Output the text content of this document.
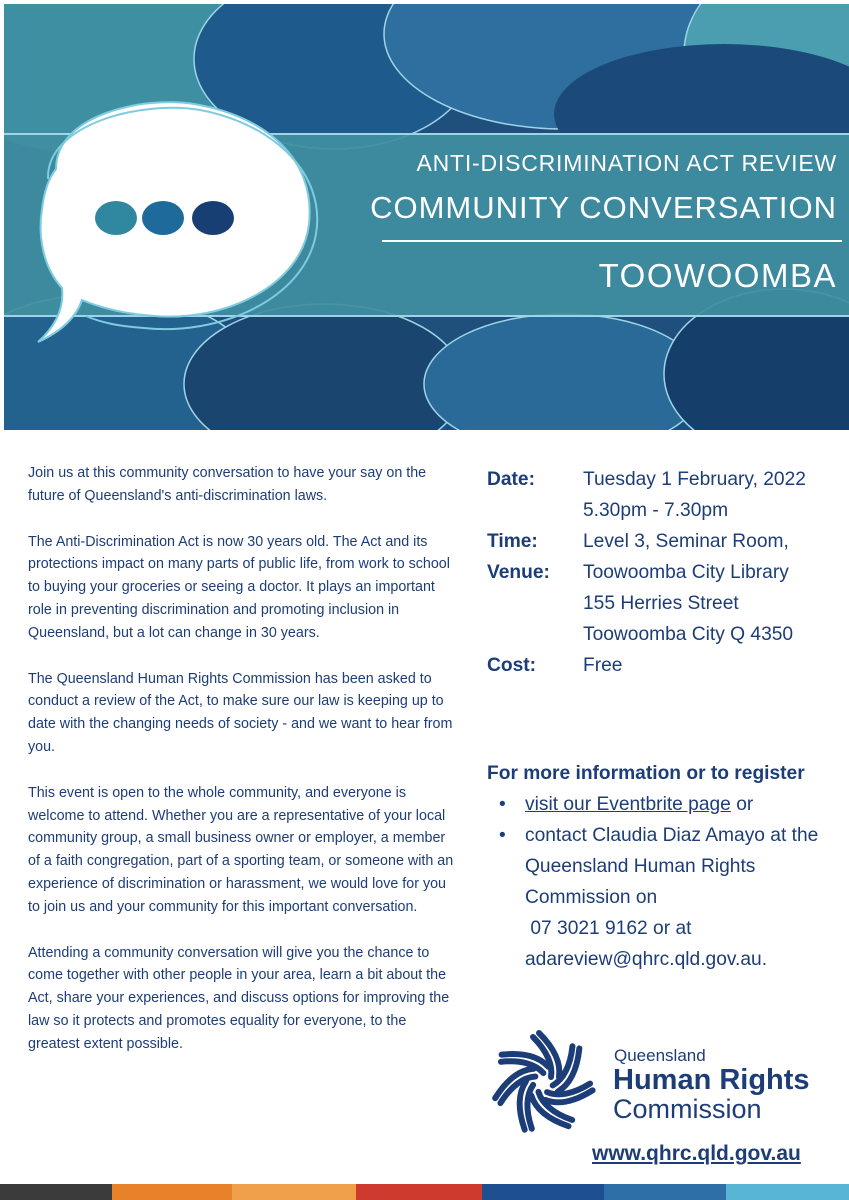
ANTI-DISCRIMINATION ACT REVIEW
COMMUNITY CONVERSATION
TOOWOOMBA

Join us at this community conversation to have your say on the future of Queensland's anti-discrimination laws.

The Anti-Discrimination Act is now 30 years old. The Act and its protections impact on many parts of public life, from work to school to buying your groceries or seeing a doctor. It plays an important role in preventing discrimination and promoting inclusion in Queensland, but a lot can change in 30 years.

The Queensland Human Rights Commission has been asked to conduct a review of the Act, to make sure our law is keeping up to date with the changing needs of society - and we want to hear from you.

This event is open to the whole community, and everyone is welcome to attend. Whether you are a representative of your local community group, a small business owner or employer, a member of a faith congregation, part of a sporting team, or someone with an experience of discrimination or harassment, we would love for you to join us and your community for this important conversation.

Attending a community conversation will give you the chance to come together with other people in your area, learn a bit about the Act, share your experiences, and discuss options for improving the law so it protects and promotes equality for everyone, to the greatest extent possible.

Date:	Tuesday 1 February, 2022
5.30pm - 7.30pm
Time:	Level 3, Seminar Room,
Venue:	Toowoomba City Library
155 Herries Street
Toowoomba City Q 4350
Cost:	Free
For more information or to register
• visit our Eventbrite page or
• contact Claudia Diaz Amayo at the Queensland Human Rights Commission on
07 3021 9162 or at
adareview@qhrc.qld.gov.au.
Queensland
Human Rights
Commission
www.qhrc.qld.gov.au
